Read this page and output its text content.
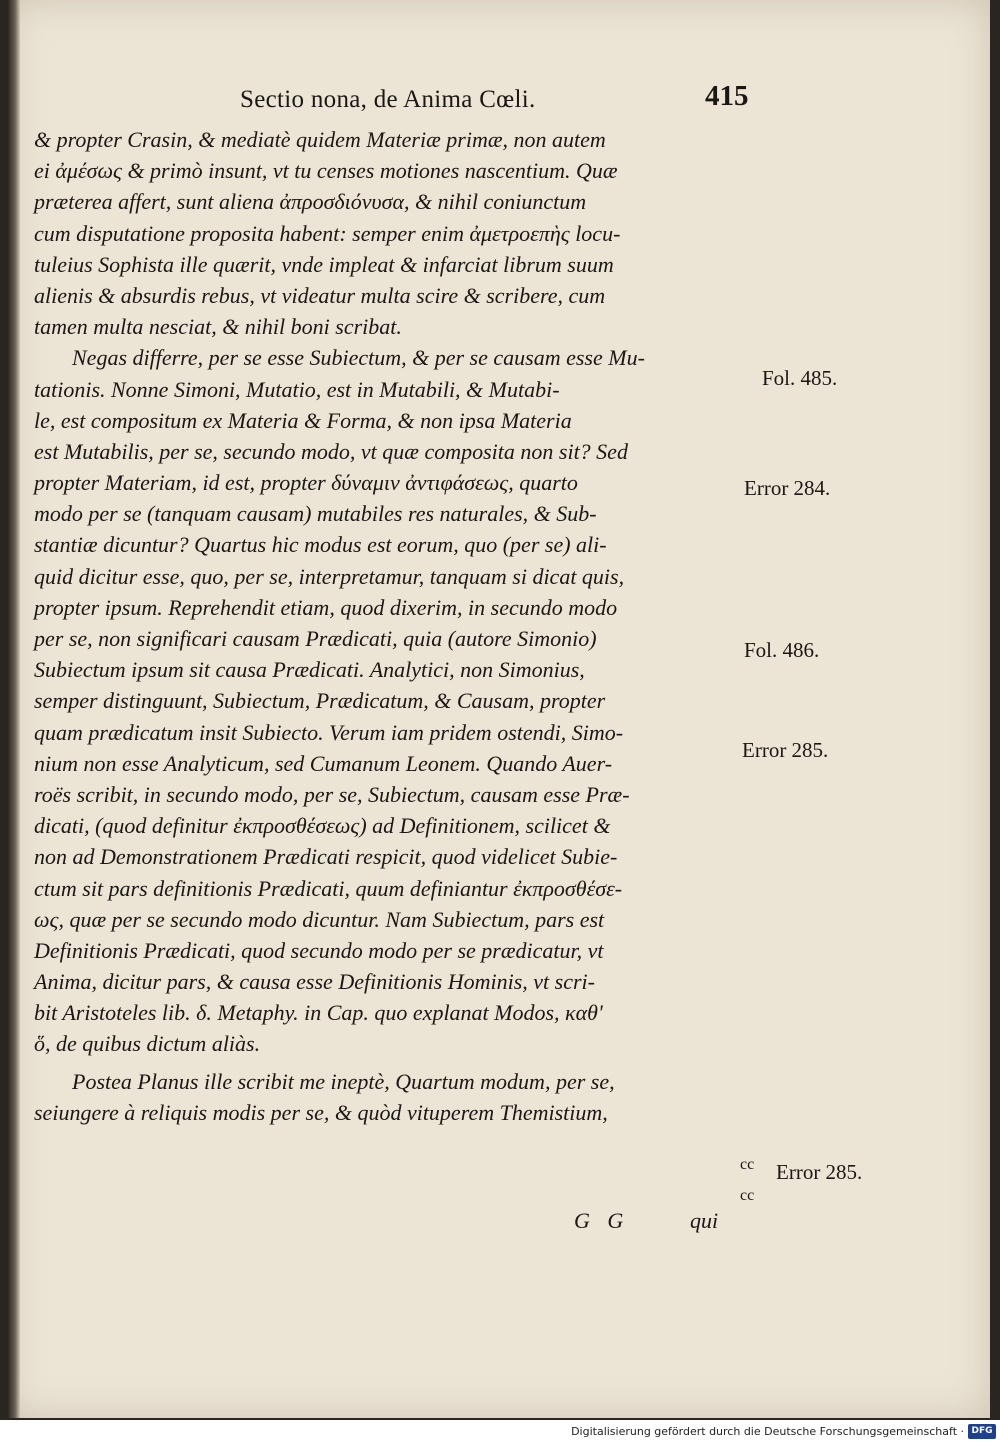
Sectio nona, de Anima Cœli.	415
& propter Crasin, & mediatè quidem Materiæ primæ, non autem
ei ἀμέσως & primò insunt, vt tu censes motiones nascentium. Quæ
præterea affert, sunt aliena ἀπροσδιόνυσα, & nihil coniunctum
cum disputatione proposita habent: semper enim ἀμετροεπὴς locu-
tuleius Sophista ille quærit, vnde impleat & infarciat librum suum
alienis & absurdis rebus, vt videatur multa scire & scribere, cum
tamen multa nesciat, & nihil boni scribat.
Negas differre, per se esse Subiectum, & per se causam esse Mu-
tationis. Nonne Simoni, Mutatio, est in Mutabili, & Mutabi-
le, est compositum ex Materia & Forma, & non ipsa Materia
est Mutabilis, per se, secundo modo, vt quæ composita non sit? Sed
propter Materiam, id est, propter δύναμιν ἀντιφάσεως, quarto
modo per se (tanquam causam) mutabiles res naturales, & Sub-
stantiæ dicuntur? Quartus hic modus est eorum, quo (per se) ali-
quid dicitur esse, quo, per se, interpretamur, tanquam si dicat quis,
propter ipsum. Reprehendit etiam, quod dixerim, in secundo modo
per se, non significari causam Prædicati, quia (autore Simonio)
Subiectum ipsum sit causa Prædicati. Analytici, non Simonius,
semper distinguunt, Subiectum, Prædicatum, & Causam, propter
quam prædicatum insit Subiecto. Verum iam pridem ostendi, Simo-
nium non esse Analyticum, sed Cumanum Leonem. Quando Auer-
roës scribit, in secundo modo, per se, Subiectum, causam esse Præ-
dicati, (quod definitur ἐκπροσθέσεως) ad Definitionem, scilicet &
non ad Demonstrationem Prædicati respicit, quod videlicet Subie-
ctum sit pars definitionis Prædicati, quum definiantur ἐκπροσθέσε-
ως, quæ per se secundo modo dicuntur. Nam Subiectum, pars est
Definitionis Prædicati, quod secundo modo per se prædicatur, vt
Anima, dicitur pars, & causa esse Definitionis Hominis, vt scri-
bit Aristoteles lib. δ. Metaphy. in Cap. quo explanat Modos, καθ'
ὅ, de quibus dictum aliàs.
Postea Planus ille scribit me ineptè, Quartum modum, per se,
seiungere à reliquis modis per se, & quòd vituperem Themistium,
G G	qui
Fol. 485.
Error 284.
Fol. 486.
Error 285.
Error 285.
cc
cc
Digitalisierung gefördert durch die Deutsche Forschungsgemeinschaft · DFG
